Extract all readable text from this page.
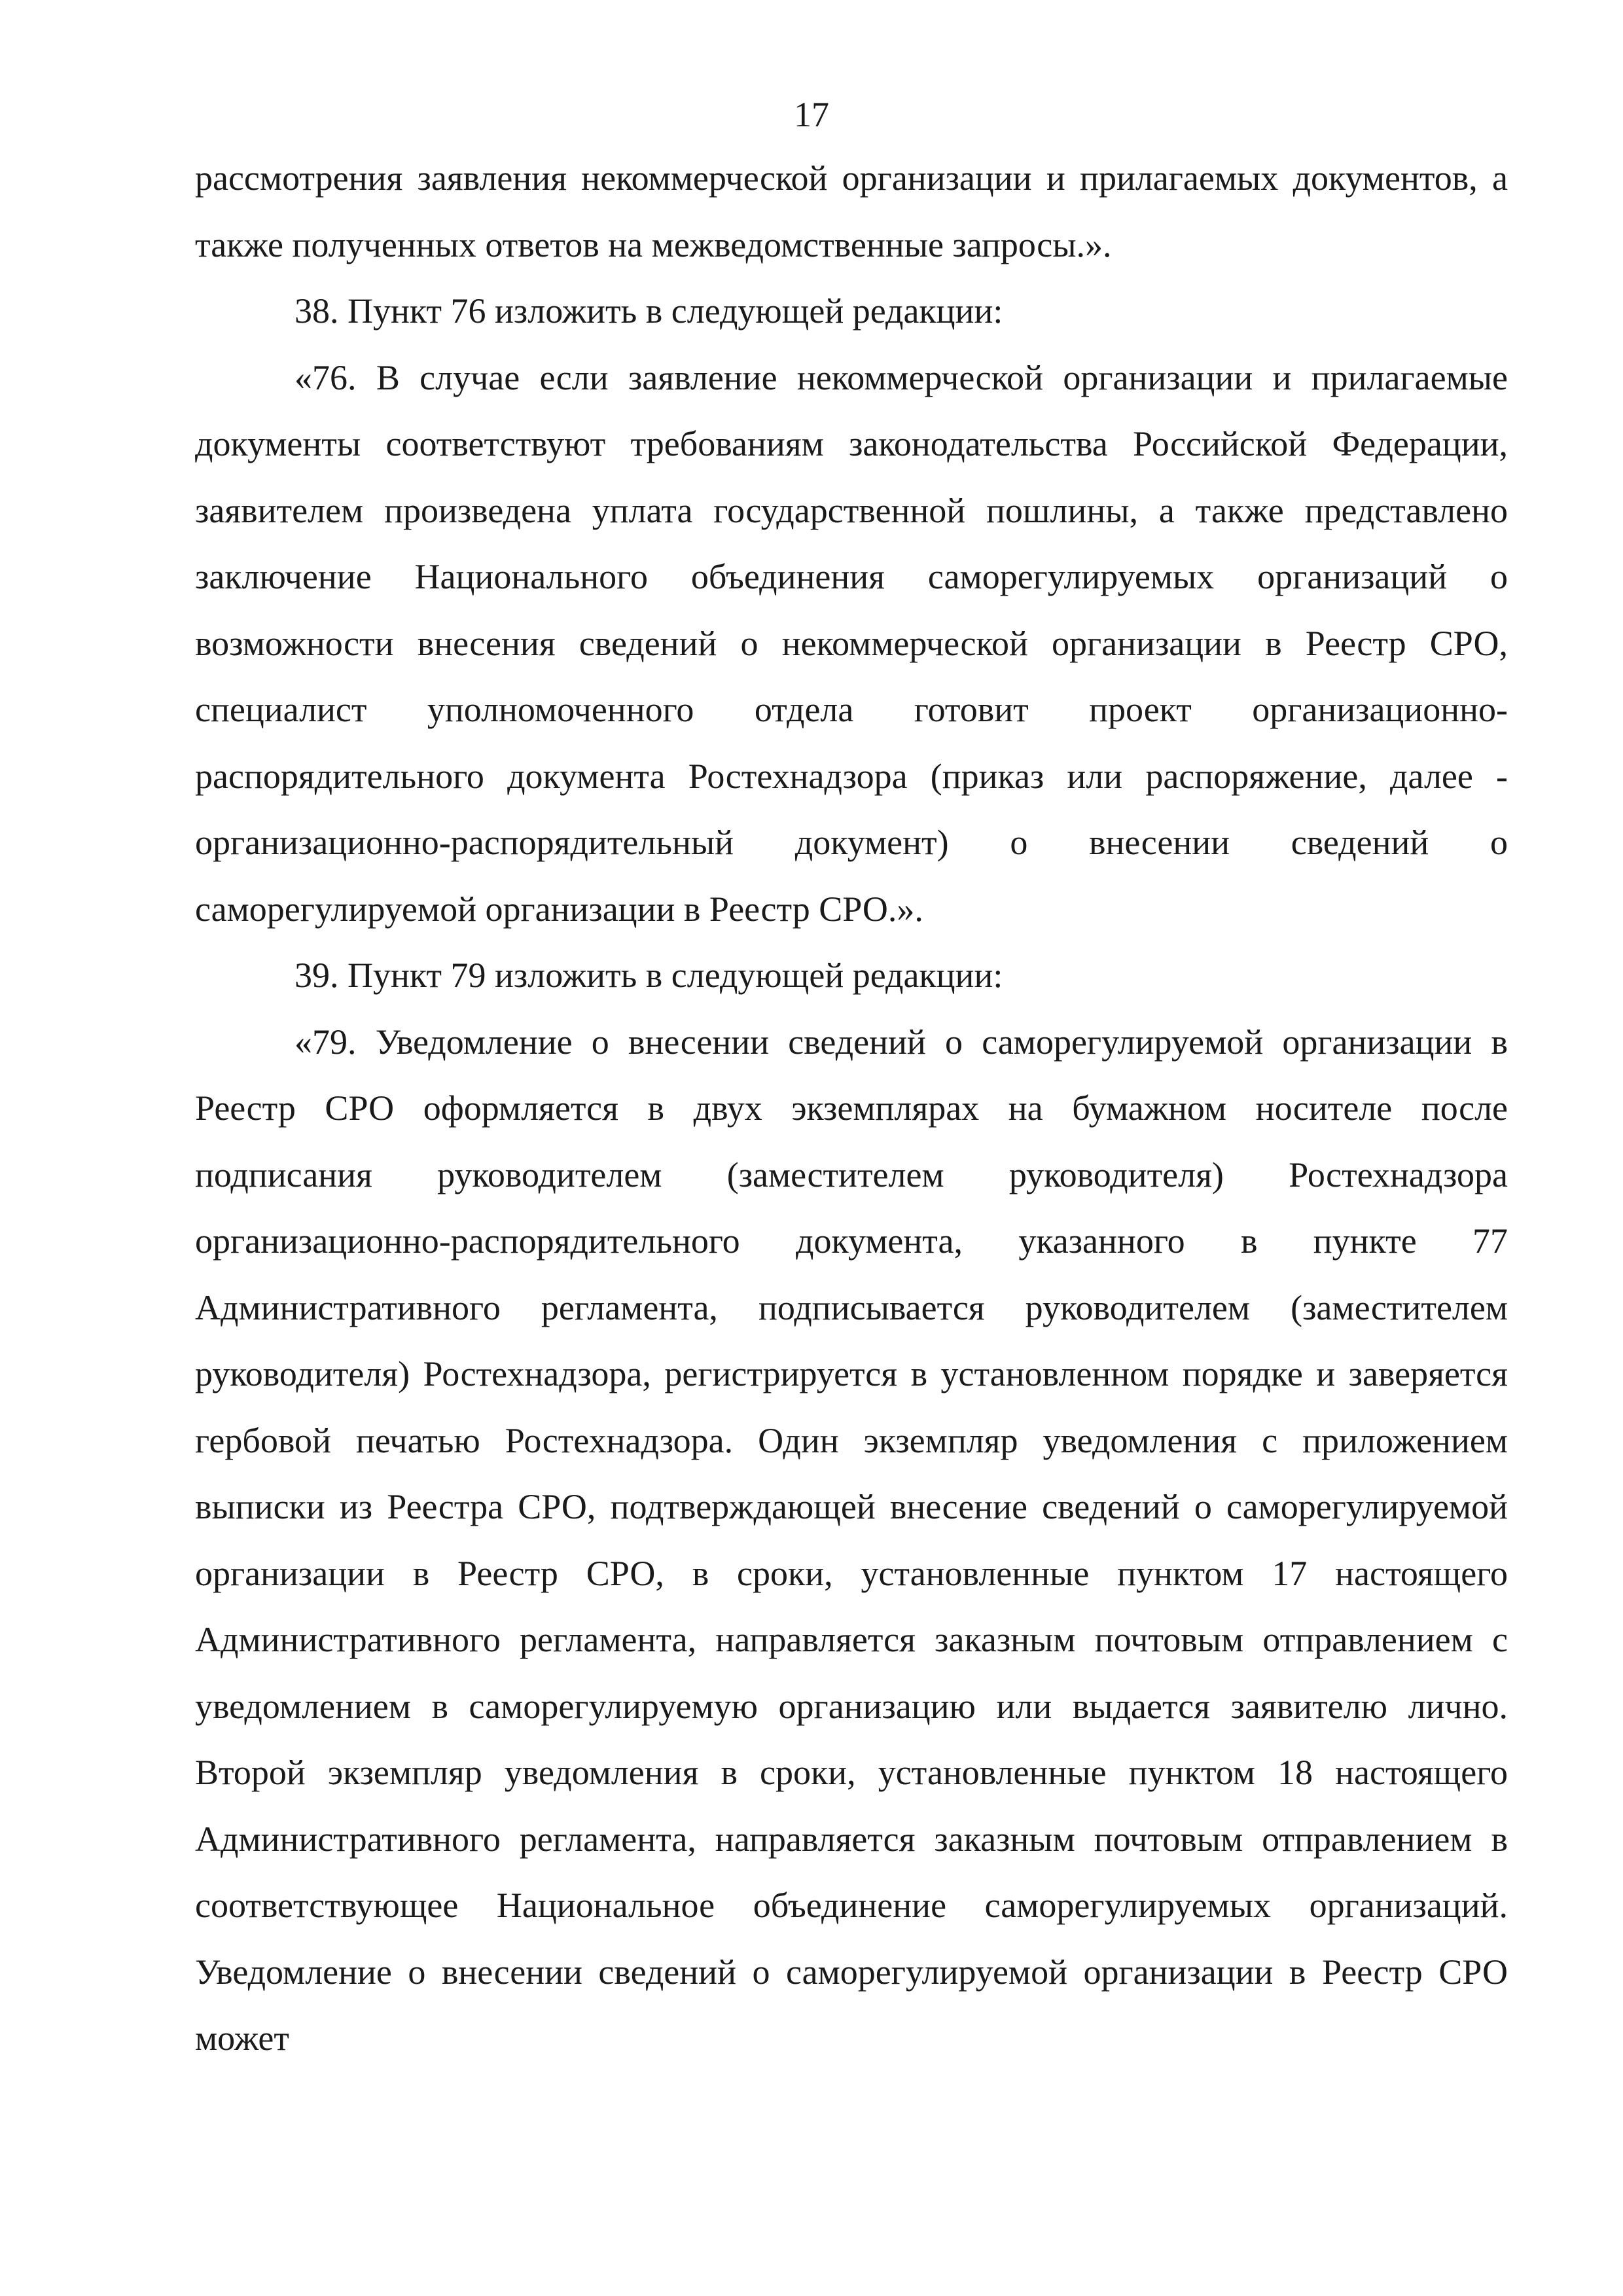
17

рассмотрения заявления некоммерческой организации и прилагаемых документов, а также полученных ответов на межведомственные запросы.».

38. Пункт 76 изложить в следующей редакции:

«76. В случае если заявление некоммерческой организации и прилагаемые документы соответствуют требованиям законодательства Российской Федерации, заявителем произведена уплата государственной пошлины, а также представлено заключение Национального объединения саморегулируемых организаций о возможности внесения сведений о некоммерческой организации в Реестр СРО, специалист уполномоченного отдела готовит проект организационно-распорядительного документа Ростехнадзора (приказ или распоряжение, далее - организационно-распорядительный документ) о внесении сведений о саморегулируемой организации в Реестр СРО.».

39. Пункт 79 изложить в следующей редакции:

«79. Уведомление о внесении сведений о саморегулируемой организации в Реестр СРО оформляется в двух экземплярах на бумажном носителе после подписания руководителем (заместителем руководителя) Ростехнадзора организационно-распорядительного документа, указанного в пункте 77 Административного регламента, подписывается руководителем (заместителем руководителя) Ростехнадзора, регистрируется в установленном порядке и заверяется гербовой печатью Ростехнадзора. Один экземпляр уведомления с приложением выписки из Реестра СРО, подтверждающей внесение сведений о саморегулируемой организации в Реестр СРО, в сроки, установленные пунктом 17 настоящего Административного регламента, направляется заказным почтовым отправлением с уведомлением в саморегулируемую организацию или выдается заявителю лично. Второй экземпляр уведомления в сроки, установленные пунктом 18 настоящего Административного регламента, направляется заказным почтовым отправлением в соответствующее Национальное объединение саморегулируемых организаций. Уведомление о внесении сведений о саморегулируемой организации в Реестр СРО может
